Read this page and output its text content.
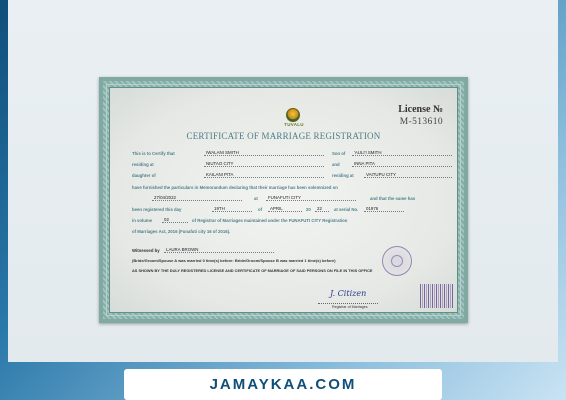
TUVALU
License №
M-513610
CERTIFICATE OF MARRIAGE REGISTRATION
This is to Certify that	IWALANI SMITH	Son of	'AULI'I SMITH
residing at	NIUTAO CITY	and	INNA PITA
daughter of	KAILANI PITA	residing at	VAITUPU CITY
have furnished the particulars in Memorandum declaring that their marriage has been solemnized on
27/04/2022	at	FUNAFUTI CITY	and that the same has
been registered this day	19TH	of	APRIL	20	22	at serial No.	01976
in volume	02	of Registrar of Marriages maintained under the FUNAFUTI CITY Registration
of Marriages Act, 2016 (Funafuti city 16 of 2016).
Witnessed by	LAURA BROWN
(Bride/Groom/Spouse A was married 0 time(s) before: Bride/Groom/Spouse B was married 1 time(s) before)
AS SHOWN BY THE DULY REGISTERED LICENSE AND CERTIFICATE OF MARRIAGE OF SAID PERSONS ON FILE IN THIS OFFICE
J. Citizen
Registrar of Marriages
JAMAYKAA.COM
